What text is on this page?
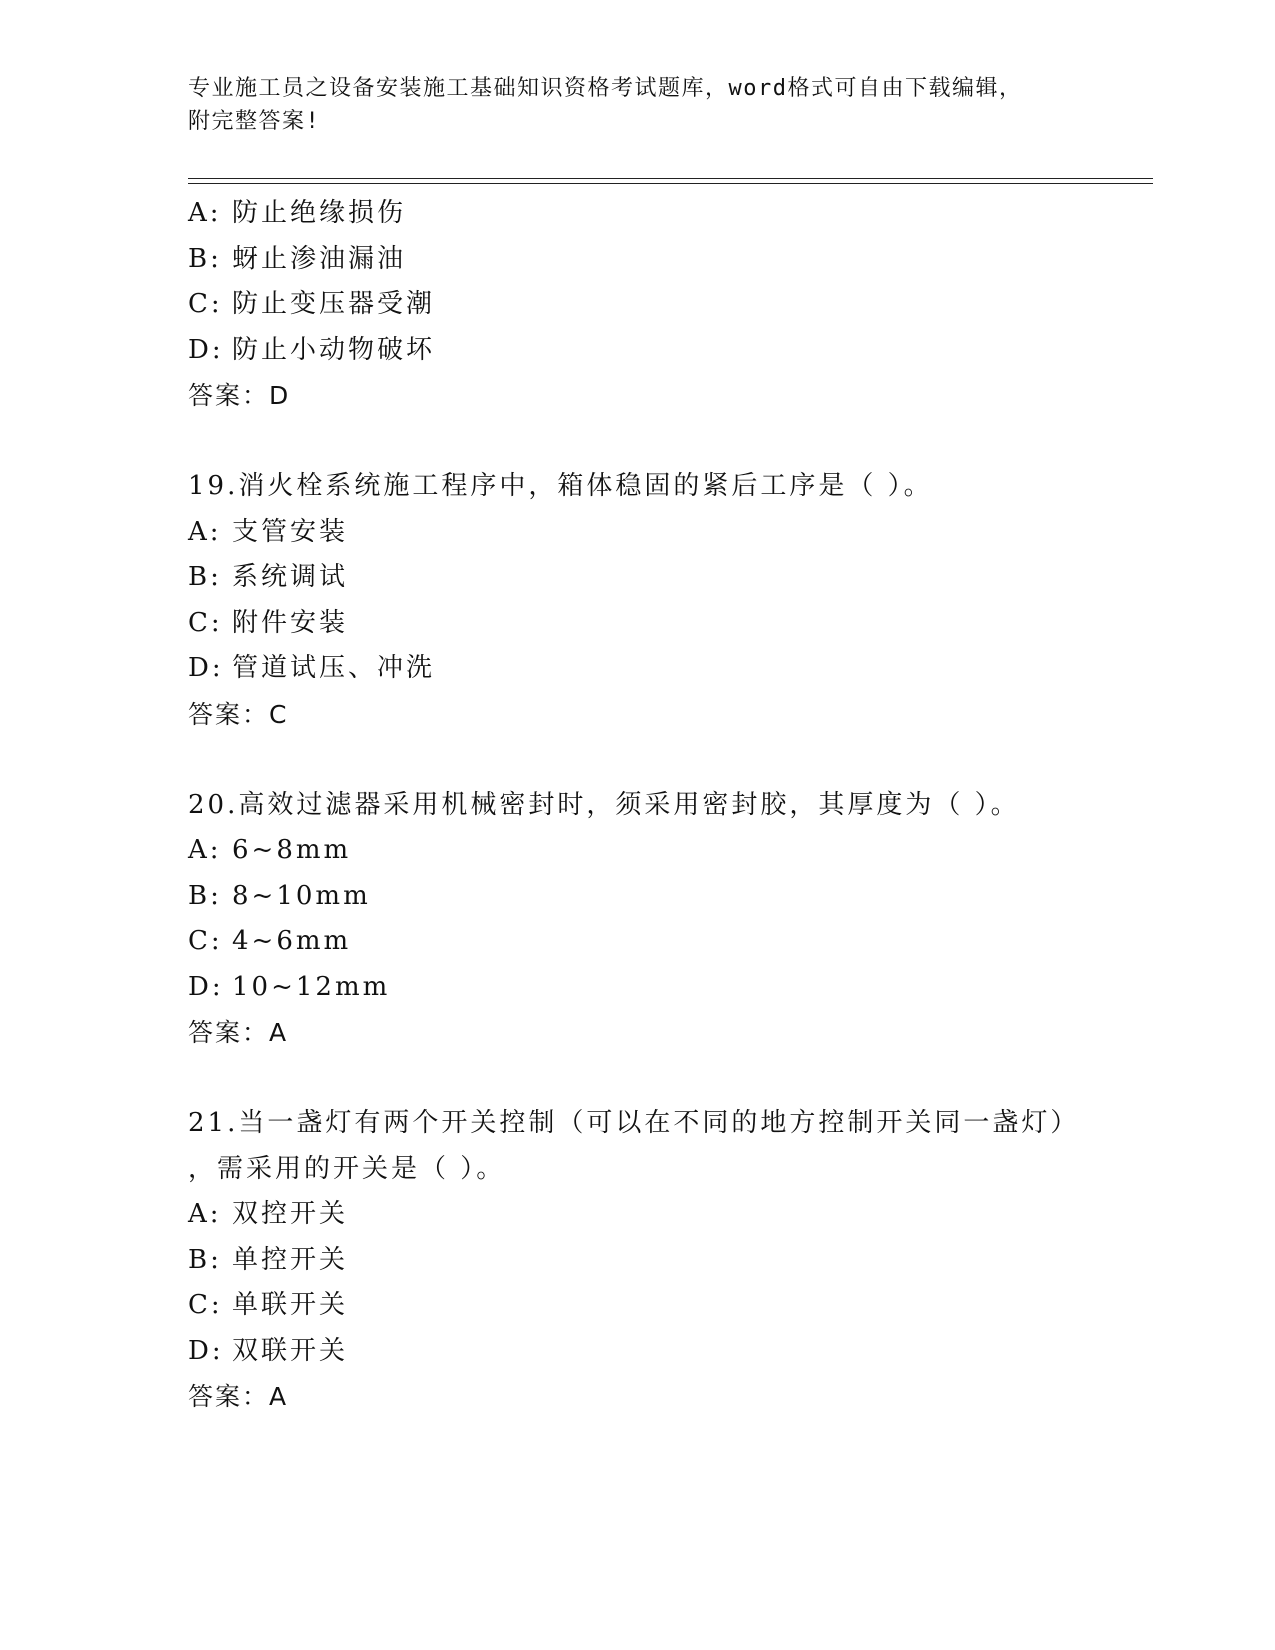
专业施工员之设备安装施工基础知识资格考试题库，word格式可自由下载编辑，
附完整答案!
A: 防止绝缘损伤
B: 蚜止渗油漏油
C: 防止变压器受潮
D: 防止小动物破坏
答案：D
19.消火栓系统施工程序中，箱体稳固的紧后工序是（ ）。
A: 支管安装
B: 系统调试
C: 附件安装
D: 管道试压、冲洗
答案：C
20.高效过滤器采用机械密封时，须采用密封胶，其厚度为（ ）。
A: 6~8mm
B: 8~10mm
C: 4~6mm
D: 10~12mm
答案：A
21.当一盏灯有两个开关控制（可以在不同的地方控制开关同一盏灯）
，需采用的开关是（ ）。
A: 双控开关
B: 单控开关
C: 单联开关
D: 双联开关
答案：A
